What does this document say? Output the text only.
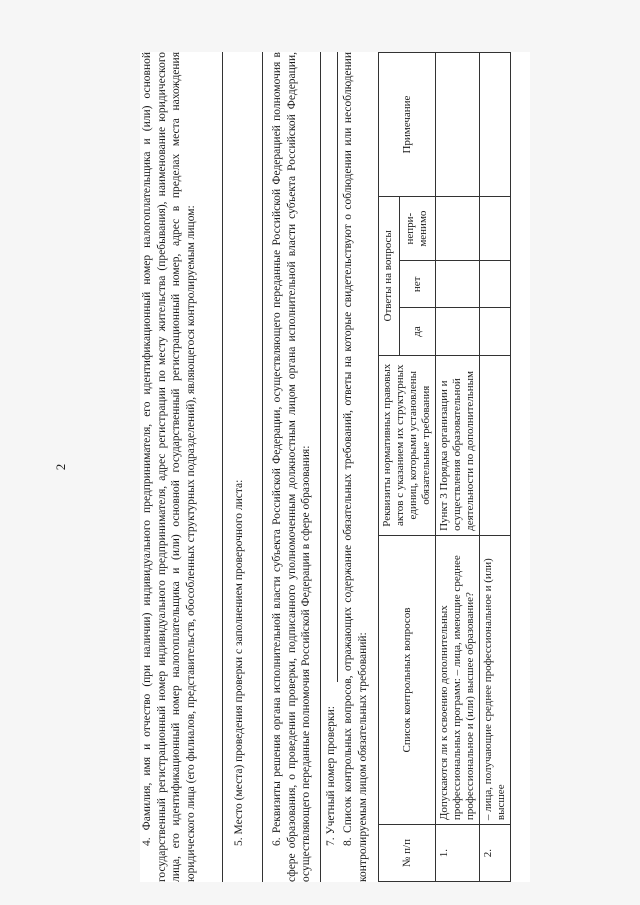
2	4. Фамилия, имя и отчество (при наличии) индивидуального предпринимателя, его идентификационный номер налогоплательщика и (или) основной государственный регистрационный номер индивидуального предпринимателя, адрес регистрации по месту жительства (пребывания), наименование юридического лица, его идентификационный номер налогоплательщика и (или) основной государственный регистрационный номер, адрес в пределах места нахождения юридического лица (его филиалов, представительств, обособленных структурных подразделений), являющегося контролируемым лицом:	5. Место (места) проведения проверки с заполнением проверочного листа: 6. Реквизиты решения органа исполнительной власти субъекта Российской Федерации, осуществляющего переданные Российской Федерацией полномочия в сфере образования, о проведении проверки, подписанного уполномоченным должностным лицом органа исполнительной власти субъекта Российской Федерации, осуществляющего переданные полномочия Российской Федерации в сфере образования: 7. Учетный номер проверки: 8. Список контрольных вопросов, отражающих содержание обязательных требований, ответы на которые свидетельствуют о соблюдении или несоблюдении контролируемым лицом обязательных требований:	№ п/п	Список контрольных вопросов	Реквизиты нормативных правовых актов с указанием их структурных единиц, которыми установлены обязательные требования	Ответы на вопросы			Примечание
			да	нет	непри-менимо	
1.	Допускаются ли к освоению дополнительных профессиональных программ: – лица, имеющие среднее профессиональное и (или) высшее образование?	Пункт 3 Порядка организации и осуществления образовательной деятельности по дополнительным				
2.	– лица, получающие среднее профессиональное и (или) высшее					
